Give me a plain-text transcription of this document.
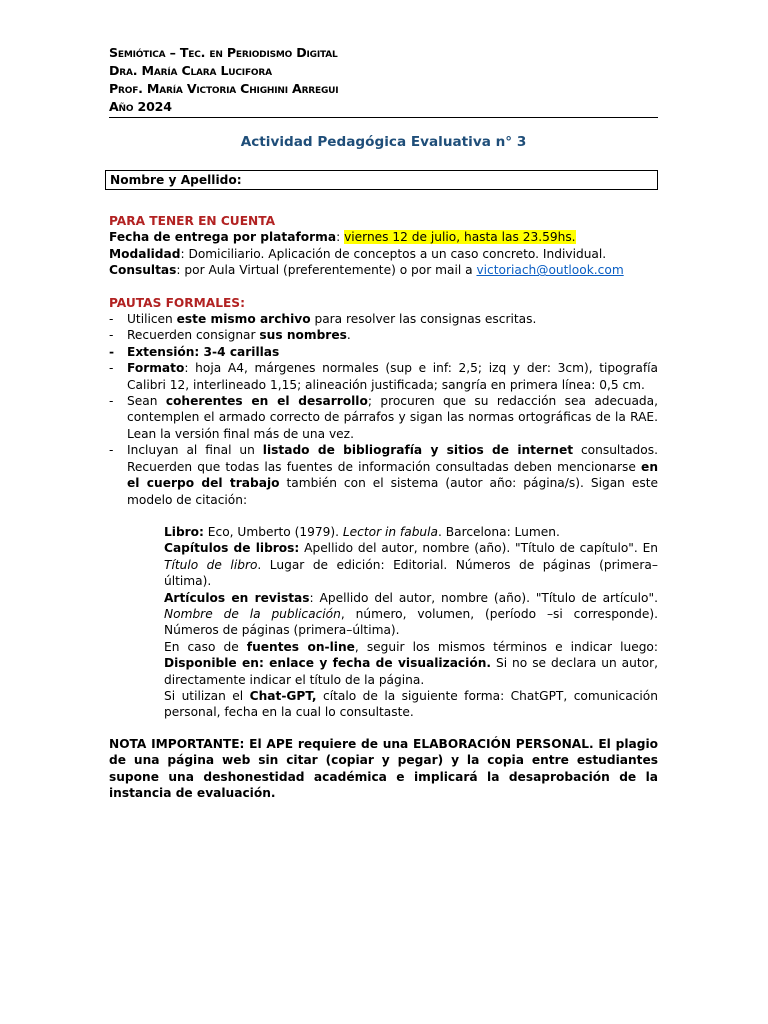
Semiótica – Tec. en Periodismo Digital
Dra. María Clara Lucifora
Prof. María Victoria Chighini Arregui
Año 2024
Actividad Pedagógica Evaluativa n° 3
Nombre y Apellido:
PARA TENER EN CUENTA
Fecha de entrega por plataforma: viernes 12 de julio, hasta las 23.59hs.
Modalidad: Domiciliario. Aplicación de conceptos a un caso concreto. Individual.
Consultas: por Aula Virtual (preferentemente) o por mail a victoriach@outlook.com
PAUTAS FORMALES:
- Utilicen este mismo archivo para resolver las consignas escritas.
- Recuerden consignar sus nombres.
- Extensión: 3-4 carillas
- Formato: hoja A4, márgenes normales (sup e inf: 2,5; izq y der: 3cm), tipografía Calibri 12, interlineado 1,15; alineación justificada; sangría en primera línea: 0,5 cm.
- Sean coherentes en el desarrollo; procuren que su redacción sea adecuada, contemplen el armado correcto de párrafos y sigan las normas ortográficas de la RAE. Lean la versión final más de una vez.
- Incluyan al final un listado de bibliografía y sitios de internet consultados. Recuerden que todas las fuentes de información consultadas deben mencionarse en el cuerpo del trabajo también con el sistema (autor año: página/s). Sigan este modelo de citación:
Libro: Eco, Umberto (1979). Lector in fabula. Barcelona: Lumen.
Capítulos de libros: Apellido del autor, nombre (año). "Título de capítulo". En Título de libro. Lugar de edición: Editorial. Números de páginas (primera–última).
Artículos en revistas: Apellido del autor, nombre (año). "Título de artículo". Nombre de la publicación, número, volumen, (período –si corresponde). Números de páginas (primera–última).
En caso de fuentes on-line, seguir los mismos términos e indicar luego: Disponible en: enlace y fecha de visualización. Si no se declara un autor, directamente indicar el título de la página.
Si utilizan el Chat-GPT, cítalo de la siguiente forma: ChatGPT, comunicación personal, fecha en la cual lo consultaste.
NOTA IMPORTANTE: El APE requiere de una ELABORACIÓN PERSONAL. El plagio de una página web sin citar (copiar y pegar) y la copia entre estudiantes supone una deshonestidad académica e implicará la desaprobación de la instancia de evaluación.
